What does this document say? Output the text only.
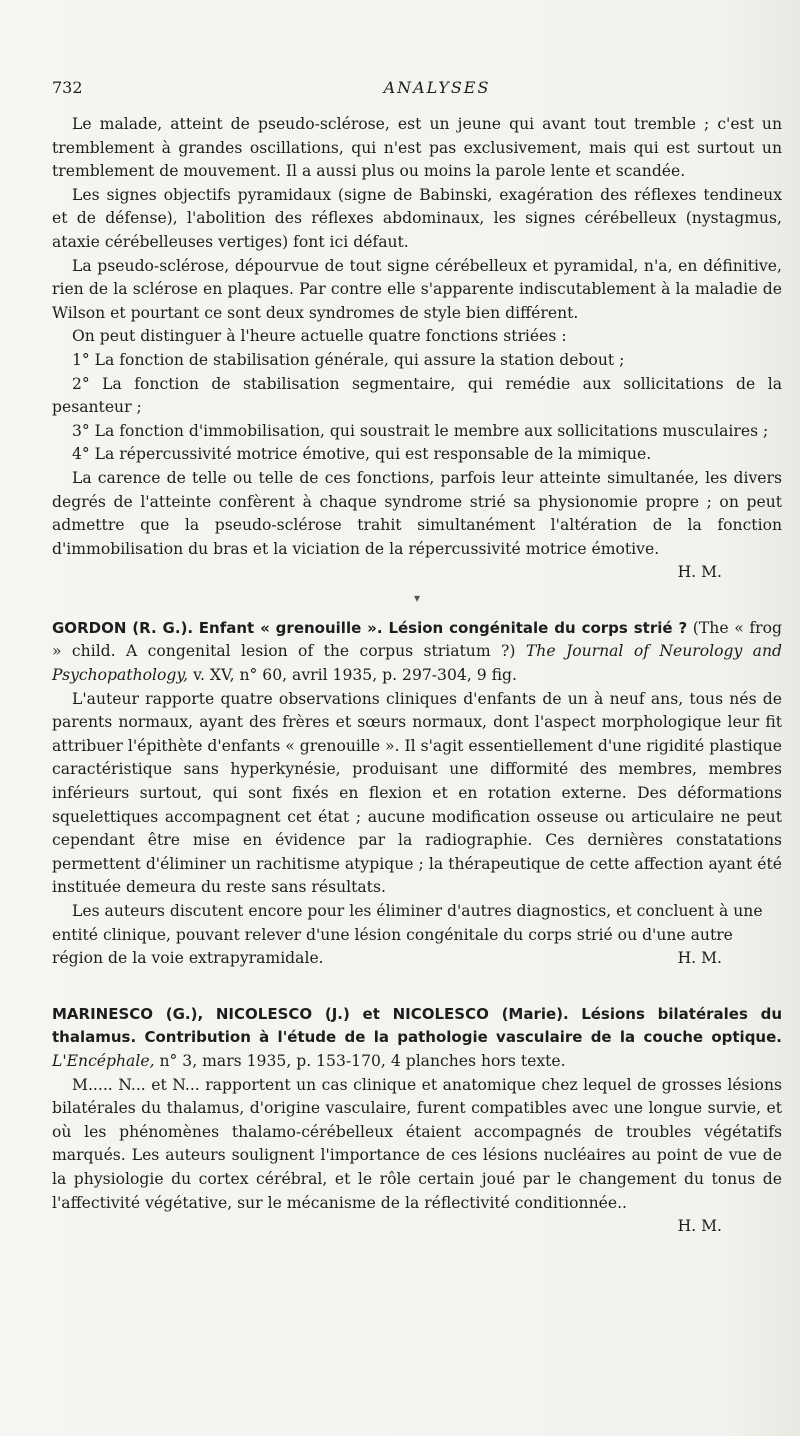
732	ANALYSES

Le malade, atteint de pseudo-sclérose, est un jeune qui avant tout tremble ; c'est un tremblement à grandes oscillations, qui n'est pas exclusivement, mais qui est surtout un tremblement de mouvement. Il a aussi plus ou moins la parole lente et scandée.

Les signes objectifs pyramidaux (signe de Babinski, exagération des réflexes tendineux et de défense), l'abolition des réflexes abdominaux, les signes cérébelleux (nystagmus, ataxie cérébelleuses vertiges) font ici défaut.

La pseudo-sclérose, dépourvue de tout signe cérébelleux et pyramidal, n'a, en définitive, rien de la sclérose en plaques. Par contre elle s'apparente indiscutablement à la maladie de Wilson et pourtant ce sont deux syndromes de style bien différent.

On peut distinguer à l'heure actuelle quatre fonctions striées :

1° La fonction de stabilisation générale, qui assure la station debout ;

2° La fonction de stabilisation segmentaire, qui remédie aux sollicitations de la pesanteur ;

3° La fonction d'immobilisation, qui soustrait le membre aux sollicitations musculaires ;

4° La répercussivité motrice émotive, qui est responsable de la mimique.

La carence de telle ou telle de ces fonctions, parfois leur atteinte simultanée, les divers degrés de l'atteinte confèrent à chaque syndrome strié sa physionomie propre ; on peut admettre que la pseudo-sclérose trahit simultanément l'altération de la fonction d'immobilisation du bras et la viciation de la répercussivité motrice émotive.

H. M.

▾

GORDON (R. G.). Enfant « grenouille ». Lésion congénitale du corps strié ? (The « frog » child. A congenital lesion of the corpus striatum ?) The Journal of Neurology and Psychopathology, v. XV, n° 60, avril 1935, p. 297-304, 9 fig.

L'auteur rapporte quatre observations cliniques d'enfants de un à neuf ans, tous nés de parents normaux, ayant des frères et sœurs normaux, dont l'aspect morphologique leur fit attribuer l'épithète d'enfants « grenouille ». Il s'agit essentiellement d'une rigidité plastique caractéristique sans hyperkynésie, produisant une difformité des membres, membres inférieurs surtout, qui sont fixés en flexion et en rotation externe. Des déformations squelettiques accompagnent cet état ; aucune modification osseuse ou articulaire ne peut cependant être mise en évidence par la radiographie. Ces dernières constatations permettent d'éliminer un rachitisme atypique ; la thérapeutique de cette affection ayant été instituée demeura du reste sans résultats.

Les auteurs discutent encore pour les éliminer d'autres diagnostics, et concluent à une entité clinique, pouvant relever d'une lésion congénitale du corps strié ou d'une autre région de la voie extrapyramidale.	H. M.

MARINESCO (G.), NICOLESCO (J.) et NICOLESCO (Marie). Lésions bilatérales du thalamus. Contribution à l'étude de la pathologie vasculaire de la couche optique. L'Encéphale, n° 3, mars 1935, p. 153-170, 4 planches hors texte.

M..... N... et N... rapportent un cas clinique et anatomique chez lequel de grosses lésions bilatérales du thalamus, d'origine vasculaire, furent compatibles avec une longue survie, et où les phénomènes thalamo-cérébelleux étaient accompagnés de troubles végétatifs marqués. Les auteurs soulignent l'importance de ces lésions nucléaires au point de vue de la physiologie du cortex cérébral, et le rôle certain joué par le changement du tonus de l'affectivité végétative, sur le mécanisme de la réflectivité conditionnée..

H. M.
